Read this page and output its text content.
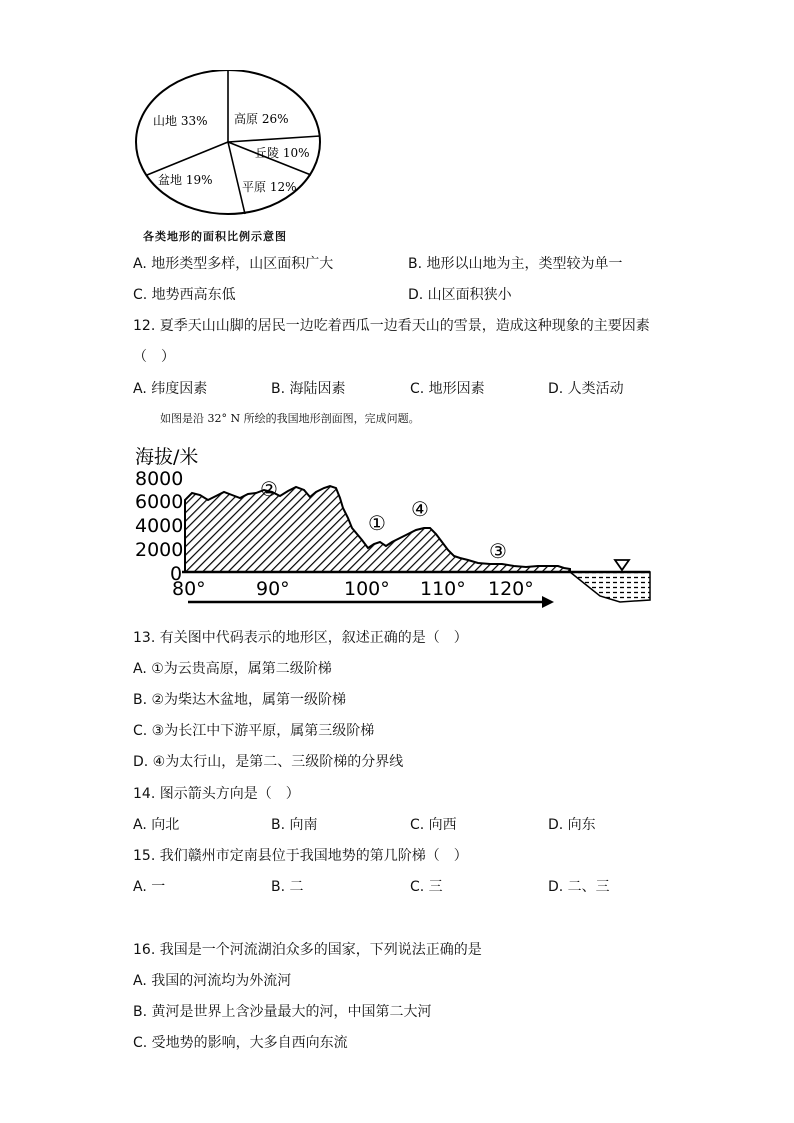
山地 33% 高原 26%
丘陵 10%
平原 12%
盆地 19%
各类地形的面积比例示意图
A. 地形类型多样，山区面积广大	B. 地形以山地为主，类型较为单一
C. 地势西高东低	D. 山区面积狭小
12. 夏季天山山脚的居民一边吃着西瓜一边看天山的雪景，造成这种现象的主要因素
（　）
A. 纬度因素	B. 海陆因素	C. 地形因素	D. 人类活动
如图是沿 32° N 所绘的我国地形剖面图，完成问题。
海拔/米
8000
6000
4000
2000
0
②
①
④
③
80°	90°	100° 110° 120°
13. 有关图中代码表示的地形区，叙述正确的是（　）
A. ①为云贵高原，属第二级阶梯
B. ②为柴达木盆地，属第一级阶梯
C. ③为长江中下游平原，属第三级阶梯
D. ④为太行山，是第二、三级阶梯的分界线
14. 图示箭头方向是（　）
A. 向北	B. 向南	C. 向西	D. 向东
15. 我们赣州市定南县位于我国地势的第几阶梯（　）
A. 一	B. 二	C. 三	D. 二、三
16. 我国是一个河流湖泊众多的国家，下列说法正确的是
A. 我国的河流均为外流河
B. 黄河是世界上含沙量最大的河，中国第二大河
C. 受地势的影响，大多自西向东流
